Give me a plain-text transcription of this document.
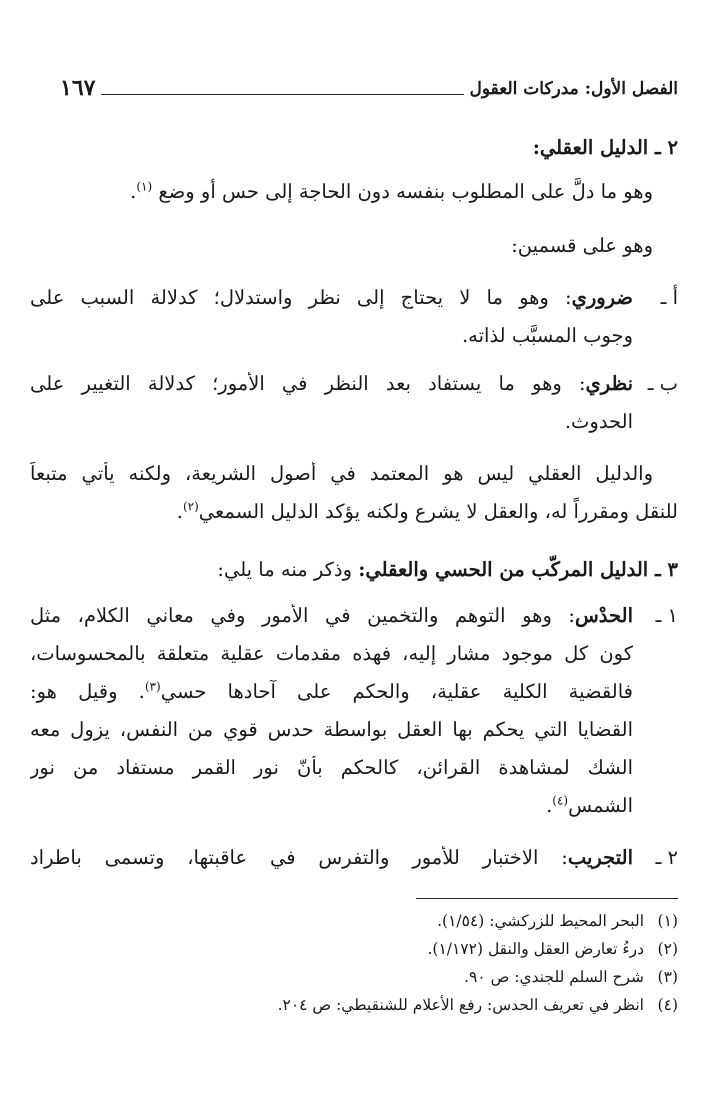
الفصل الأول: مدركات العقول
١٦٧
٢ ـ الدليل العقلي:
وهو ما دلَّ على المطلوب بنفسه دون الحاجة إلى حس أو وضع $^{(١)}$.
وهو على قسمين:
أ ـ
ضروري: وهو ما لا يحتاج إلى نظر واستدلال؛ كدلالة السبب على
وجوب المسبَّب لذاته.
ب ـ
نظري: وهو ما يستفاد بعد النظر في الأمور؛ كدلالة التغيير على
الحدوث.
والدليل العقلي ليس هو المعتمد في أصول الشريعة، ولكنه يأتي متبعاً
للنقل ومقرراً له، والعقل لا يشرع ولكنه يؤكد الدليل السمعي$^{(٢)}$.
٣ ـ الدليل المركّب من الحسي والعقلي: وذكر منه ما يلي:
١ ـ
الحدْس: وهو التوهم والتخمين في الأمور وفي معاني الكلام، مثل
كون كل موجود مشار إليه، فهذه مقدمات عقلية متعلقة بالمحسوسات،
فالقضية الكلية عقلية، والحكم على آحادها حسي$^{(٣)}$. وقيل هو:
القضايا التي يحكم بها العقل بواسطة حدس قوي من النفس، يزول معه
الشك لمشاهدة القرائن، كالحكم بأنّ نور القمر مستفاد من نور
الشمس$^{(٤)}$.
٢ ـ
التجريب: الاختبار للأمور والتفرس في عاقبتها، وتسمى باطراد
(١)البحر المحيط للزركشي: (١/٥٤).
(٢)درءُ تعارض العقل والنقل (١/١٧٢).
(٣)شرح السلم للجندي: ص ٩٠.
(٤)انظر في تعريف الحدس: رفع الأعلام للشنقيطي: ص ٢٠٤.
